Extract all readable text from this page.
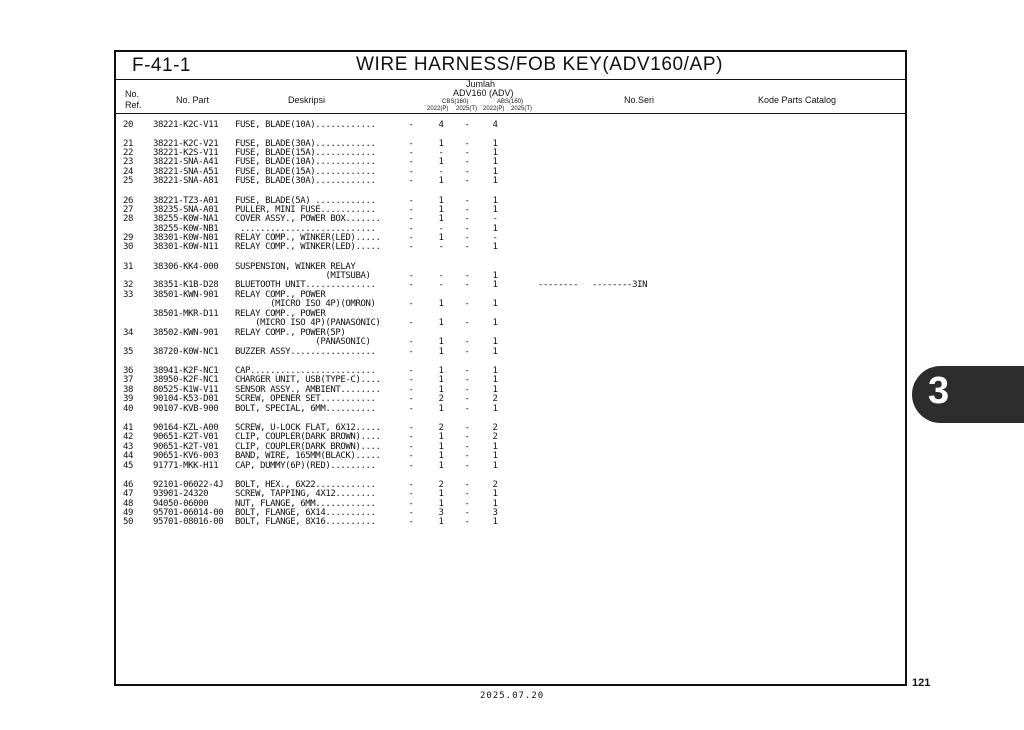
F-41-1	WIRE HARNESS/FOB KEY(ADV160/AP)
No.
Ref.	No. Part	Deskripsi
Jumlah
ADV160 (ADV)
CBS(160)	ABS(160)
2022(P) 2025(T) 2022(P) 2025(T)
No.Seri	Kode Parts Catalog
20 38221-K2C-V11 FUSE, BLADE(10A)............	-	4 -	4
21 38221-K2C-V21 FUSE, BLADE(30A)............	-	1 -	1
22 38221-K2S-V11 FUSE, BLADE(15A)............	-	- -	1
23 38221-SNA-A41 FUSE, BLADE(10A)............	-	1 -	1
24 38221-SNA-A51 FUSE, BLADE(15A)............	-	- -	1
25 38221-SNA-A81 FUSE, BLADE(30A)............	-	1 -	1
26 38221-TZ3-A01 FUSE, BLADE(5A) ............	-	1 -	1
27 38235-SNA-A01 PULLER, MINI FUSE...........	-	1 -	1
28 38255-K0W-NA1 COVER ASSY., POWER BOX.......	-	1 -	-
38255-K0W-NB1 ...........................	-	- -	1
29 38301-K0W-N01 RELAY COMP., WINKER(LED).....	-	1 -	-
30 38301-K0W-N11 RELAY COMP., WINKER(LED).....	-	- -	1
31 38306-KK4-000 SUSPENSION, WINKER RELAY
(MITSUBA)	-	- -	1
32 38351-K1B-D28 BLUETOOTH UNIT..............	-	- -	1	-------- --------3IN
33 38501-KWN-901 RELAY COMP., POWER
(MICRO ISO 4P)(OMRON)	-	1 -	1
38501-MKR-D11 RELAY COMP., POWER
(MICRO ISO 4P)(PANASONIC)	-	1 -	1
34 38502-KWN-901 RELAY COMP., POWER(5P)
(PANASONIC)	-	1 -	1
35 38720-K0W-NC1 BUZZER ASSY.................	-	1 -	1
36 38941-K2F-NC1 CAP.........................	-	1 -	1
37 38950-K2F-NC1 CHARGER UNIT, USB(TYPE-C)....	-	1 -	1
38 80525-K1W-V11 SENSOR ASSY., AMBIENT........	-	1 -	1
39 90104-K53-D01 SCREW, OPENER SET...........	-	2 -	2
40 90107-KVB-900 BOLT, SPECIAL, 6MM..........	-	1 -	1
41 90164-KZL-A00 SCREW, U-LOCK FLAT, 6X12.....	-	2 -	2
42 90651-K2T-V01 CLIP, COUPLER(DARK BROWN)....	-	1 -	2
43 90651-K2T-V01 CLIP, COUPLER(DARK BROWN)....	-	1 -	1
44 90651-KV6-003 BAND, WIRE, 165MM(BLACK).....	-	1 -	1
45 91771-MKK-H11 CAP, DUMMY(6P)(RED).........	-	1 -	1
46 92101-06022-4J BOLT, HEX., 6X22............	-	2 -	2
47 93901-24320	SCREW, TAPPING, 4X12........	-	1 -	1
48 94050-06000	NUT, FLANGE, 6MM............	-	1 -	1
49 95701-06014-00 BOLT, FLANGE, 6X14..........	-	3 -	3
50 95701-08016-00 BOLT, FLANGE, 8X16..........	-	1 -	1
3
121
2025.07.20
